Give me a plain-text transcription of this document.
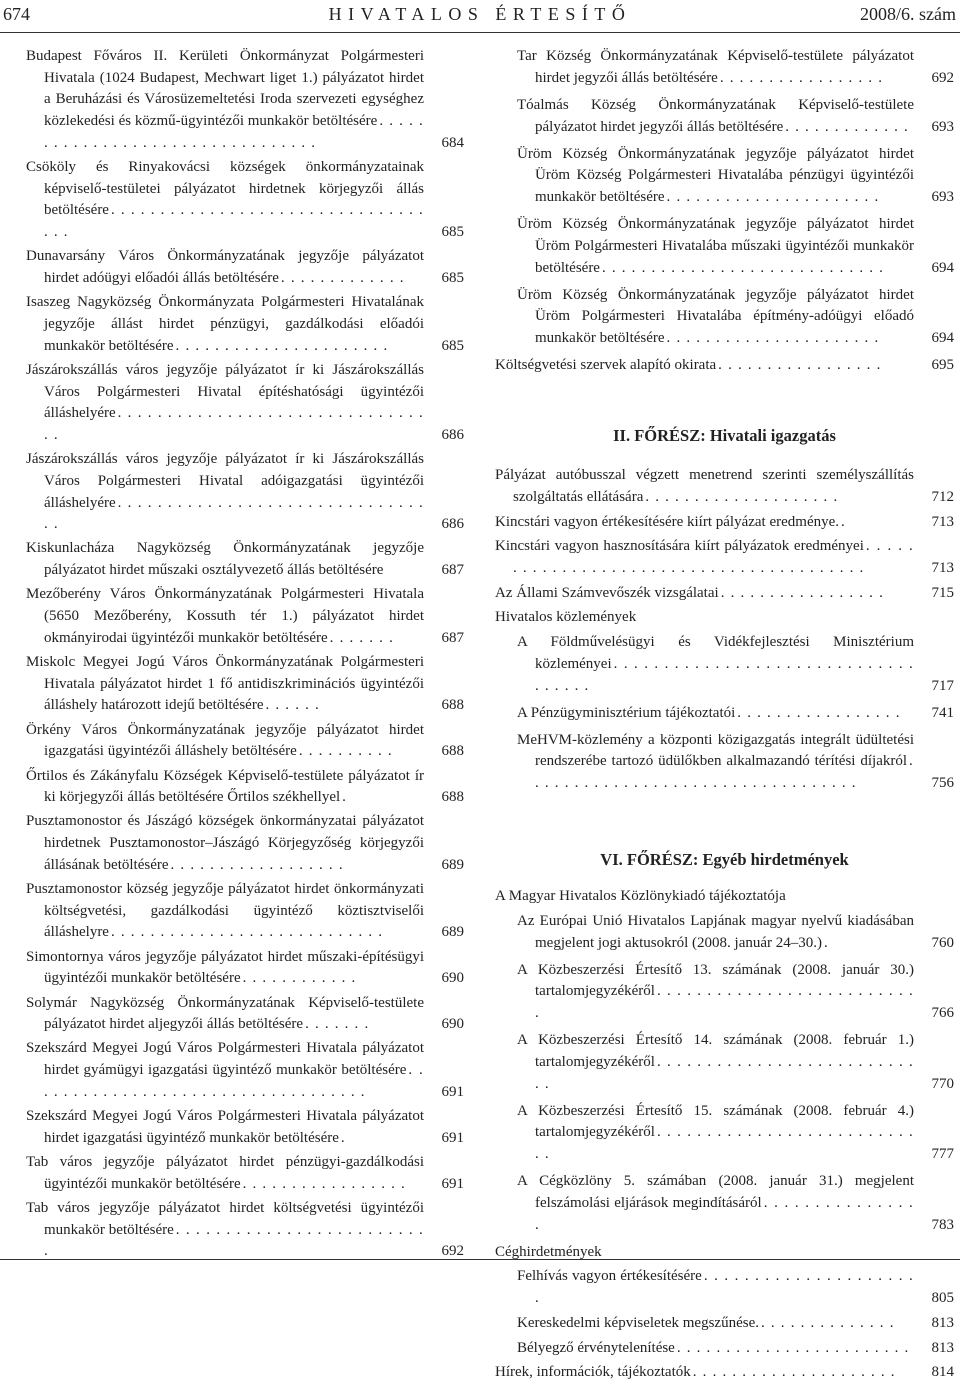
674	HIVATALOS ÉRTESÍTŐ	2008/6. szám
Budapest Főváros II. Kerületi Önkormányzat Polgármesteri Hivatala (1024 Budapest, Mechwart liget 1.) pályázatot hirdet a Beruházási és Városüzemeltetési Iroda szervezeti egységhez közlekedési és közmű-ügyintézői munkakör betöltésére . . . . . . . . . . . . . . . . . . . . . . . . . . . . . . . . .	684
Csököly és Rinyakovácsi községek önkormányzatainak képviselő-testületei pályázatot hirdetnek körjegyzői állás betöltésére . . . . . . . . . . . . . . . . . . . . . . . . . . . . . . . . . . .	685
Dunavarsány Város Önkormányzatának jegyzője pályázatot hirdet adóügyi előadói állás betöltésére . . . . . . . . . . . . . 685
Isaszeg Nagyközség Önkormányzata Polgármesteri Hivatalának jegyzője állást hirdet pénzügyi, gazdálkodási előadói munkakör betöltésére . . . . . . . . . . . . . . . . . . . . . .	685
Jászárokszállás város jegyzője pályázatot ír ki Jászárokszállás Város Polgármesteri Hivatal építéshatósági ügyintézői álláshelyére . . . . . . . . . . . . . . . . . . . . . . . . . . . . . . . . .	686
Jászárokszállás város jegyzője pályázatot ír ki Jászárokszállás Város Polgármesteri Hivatal adóigazgatási ügyintézői álláshelyére . . . . . . . . . . . . . . . . . . . . . . . . . . . . . . . . .	686
Kiskunlacháza Nagyközség Önkormányzatának jegyzője pályázatot hirdet műszaki osztályvezető állás betöltésére	687
Mezőberény Város Önkormányzatának Polgármesteri Hivatala (5650 Mezőberény, Kossuth tér 1.) pályázatot hirdet okmányirodai ügyintézői munkakör betöltésére . . . . . . .	687
Miskolc Megyei Jogú Város Önkormányzatának Polgármesteri Hivatala pályázatot hirdet 1 fő antidiszkriminációs ügyintézői álláshely határozott idejű betöltésére . . . . . .	688
Örkény Város Önkormányzatának jegyzője pályázatot hirdet igazgatási ügyintézői álláshely betöltésére . . . . . . . . . .	688
Őrtilos és Zákányfalu Községek Képviselő-testülete pályázatot ír ki körjegyzői állás betöltésére Őrtilos székhellyel .	688
Pusztamonostor és Jászágó községek önkormányzatai pályázatot hirdetnek Pusztamonostor–Jászágó Körjegyzőség körjegyzői állásának betöltésére . . . . . . . . . . . . . . . . . .	689
Pusztamonostor község jegyzője pályázatot hirdet önkormányzati költségvetési, gazdálkodási ügyintéző köztisztviselői álláshelyre . . . . . . . . . . . . . . . . . . . . . . . . . . . .	689
Simontornya város jegyzője pályázatot hirdet műszaki-építésügyi ügyintézői munkakör betöltésére . . . . . . . . . . . .	690
Solymár Nagyközség Önkormányzatának Képviselő-testülete pályázatot hirdet aljegyzői állás betöltésére . . . . . . .	690
Szekszárd Megyei Jogú Város Polgármesteri Hivatala pályázatot hirdet gyámügyi igazgatási ügyintéző munkakör betöltésére . . . . . . . . . . . . . . . . . . . . . . . . . . . . . . . . . . .	691
Szekszárd Megyei Jogú Város Polgármesteri Hivatala pályázatot hirdet igazgatási ügyintéző munkakör betöltésére .	691
Tab város jegyzője pályázatot hirdet pénzügyi-gazdálkodási ügyintézői munkakör betöltésére . . . . . . . . . . . . . . . . . 691
Tab város jegyzője pályázatot hirdet költségvetési ügyintézői munkakör betöltésére . . . . . . . . . . . . . . . . . . . . . . . . . .	692
Tar Község Önkormányzatának Képviselő-testülete pályázatot hirdet jegyzői állás betöltésére . . . . . . . . . . . . . . . . .	692
Tóalmás Község Önkormányzatának Képviselő-testülete pályázatot hirdet jegyzői állás betöltésére . . . . . . . . . . . . . 693
Üröm Község Önkormányzatának jegyzője pályázatot hirdet Üröm Község Polgármesteri Hivatalába pénzügyi ügyintézői munkakör betöltésére . . . . . . . . . . . . . . . . . . . . . .	693
Üröm Község Önkormányzatának jegyzője pályázatot hirdet Üröm Polgármesteri Hivatalába műszaki ügyintézői munkakör betöltésére . . . . . . . . . . . . . . . . . . . . . . . . . . . . .	694
Üröm Község Önkormányzatának jegyzője pályázatot hirdet Üröm Polgármesteri Hivatalába építmény-adóügyi előadó munkakör betöltésére . . . . . . . . . . . . . . . . . . . . . .	694
Költségvetési szervek alapító okirata . . . . . . . . . . . . . . . . .	695
II. FŐRÉSZ: Hivatali igazgatás
Pályázat autóbusszal végzett menetrend szerinti személyszállítás szolgáltatás ellátására . . . . . . . . . . . . . . . . . . . .	712
Kincstári vagyon értékesítésére kiírt pályázat eredménye. .	713
Kincstári vagyon hasznosítására kiírt pályázatok eredményei . . . . . . . . . . . . . . . . . . . . . . . . . . . . . . . . . . . . . . . . .	713
Az Állami Számvevőszék vizsgálatai . . . . . . . . . . . . . . . . .	715
Hivatalos közlemények
A Földművelésügyi és Vidékfejlesztési Minisztérium közleményei . . . . . . . . . . . . . . . . . . . . . . . . . . . . . . . . . . . .	717
A Pénzügyminisztérium tájékoztatói . . . . . . . . . . . . . . . . . 741
MeHVM-közlemény a központi közigazgatás integrált üdültetési rendszerébe tartozó üdülőkben alkalmazandó térítési díjakról . . . . . . . . . . . . . . . . . . . . . . . . . . . . . . . . . .	756
VI. FŐRÉSZ: Egyéb hirdetmények
A Magyar Hivatalos Közlönykiadó tájékoztatója
Az Európai Unió Hivatalos Lapjának magyar nyelvű kiadásában megjelent jogi aktusokról (2008. január 24–30.) .	760
A Közbeszerzési Értesítő 13. számának (2008. január 30.) tartalomjegyzékéről . . . . . . . . . . . . . . . . . . . . . . . . . . .	766
A Közbeszerzési Értesítő 14. számának (2008. február 1.) tartalomjegyzékéről . . . . . . . . . . . . . . . . . . . . . . . . . . . .	770
A Közbeszerzési Értesítő 15. számának (2008. február 4.) tartalomjegyzékéről . . . . . . . . . . . . . . . . . . . . . . . . . . . .	777
A Cégközlöny 5. számában (2008. január 31.) megjelent felszámolási eljárások megindításáról . . . . . . . . . . . . . . . .	783
Céghirdetmények
Felhívás vagyon értékesítésére . . . . . . . . . . . . . . . . . . . . . .	805
Kereskedelmi képviseletek megszűnése. . . . . . . . . . . . . . . 813
Bélyegző érvénytelenítése . . . . . . . . . . . . . . . . . . . . . . . . 813
Hírek, információk, tájékoztatók . . . . . . . . . . . . . . . . . . . . . 814
